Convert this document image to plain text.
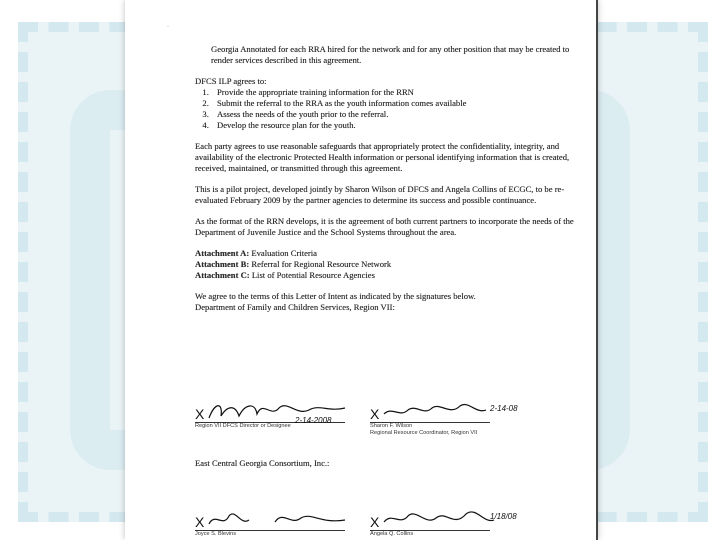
·

Georgia Annotated for each RRA hired for the network and for any other position that may be created to render services described in this agreement.

DFCS ILP agrees to:

1. Provide the appropriate training information for the RRN
2. Submit the referral to the RRA as the youth information comes available
3. Assess the needs of the youth prior to the referral.
4. Develop the resource plan for the youth.

Each party agrees to use reasonable safeguards that appropriately protect the confidentiality, integrity, and availability of the electronic Protected Health information or personal identifying information that is created, received, maintained, or transmitted through this agreement.

This is a pilot project, developed jointly by Sharon Wilson of DFCS and Angela Collins of ECGC, to be re-evaluated February 2009 by the partner agencies to determine its success and possible continuance.

As the format of the RRN develops, it is the agreement of both current partners to incorporate the needs of the Department of Juvenile Justice and the School Systems throughout the area.

Attachment A: Evaluation Criteria
Attachment B: Referral for Regional Resource Network
Attachment C: List of Potential Resource Agencies

We agree to the terms of this Letter of Intent as indicated by the signatures below.

Department of Family and Children Services, Region VII:

X
Region VII DFCS Director or Designee
2-14-2008	X
Sharon F. Wilson
Regional Resource Coordinator, Region VII
2-14-08

East Central Georgia Consortium, Inc.:

X
Joyce S. Blevins
X
Angela Q. Collins
1/18/08
